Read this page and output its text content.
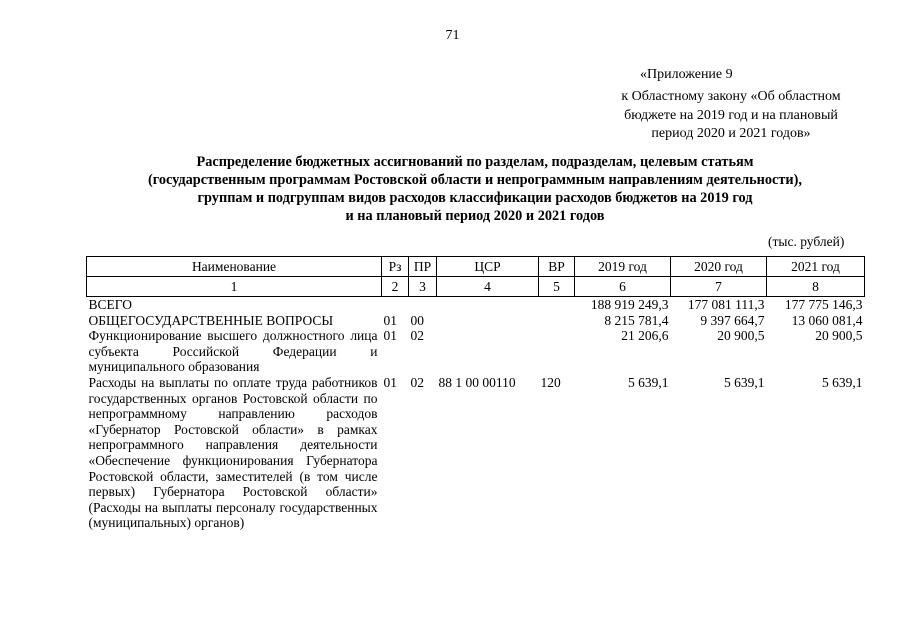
71
«Приложение 9
к Областному закону «Об областном
бюджете на 2019 год и на плановый
период 2020 и 2021 годов»
Распределение бюджетных ассигнований по разделам, подразделам, целевым статьям
(государственным программам Ростовской области и непрограммным направлениям деятельности),
группам и подгруппам видов расходов классификации расходов бюджетов на 2019 год
и на плановый период 2020 и 2021 годов
(тыс. рублей)
Наименование	Рз	ПР	ЦСР	ВР	2019 год	2020 год	2021 год
1	2	3	4	5	6	7	8
ВСЕГО					188 919 249,3	177 081 111,3	177 775 146,3
ОБЩЕГОСУДАРСТВЕННЫЕ ВОПРОСЫ	01	00			8 215 781,4	9 397 664,7	13 060 081,4
Функционирование высшего должностного лица субъекта Российской Федерации и муниципального образования	01	02			21 206,6	20 900,5	20 900,5
Расходы на выплаты по оплате труда работников государственных органов Ростовской области по непрограммному направлению расходов «Губернатор Ростовской области» в рамках непрограммного направления деятельности «Обеспечение функционирования Губернатора Ростовской области, заместителей (в том числе первых) Губернатора Ростовской области» (Расходы на выплаты персоналу государственных (муниципальных) органов)	01	02	88 1 00 00110	120	5 639,1	5 639,1	5 639,1
